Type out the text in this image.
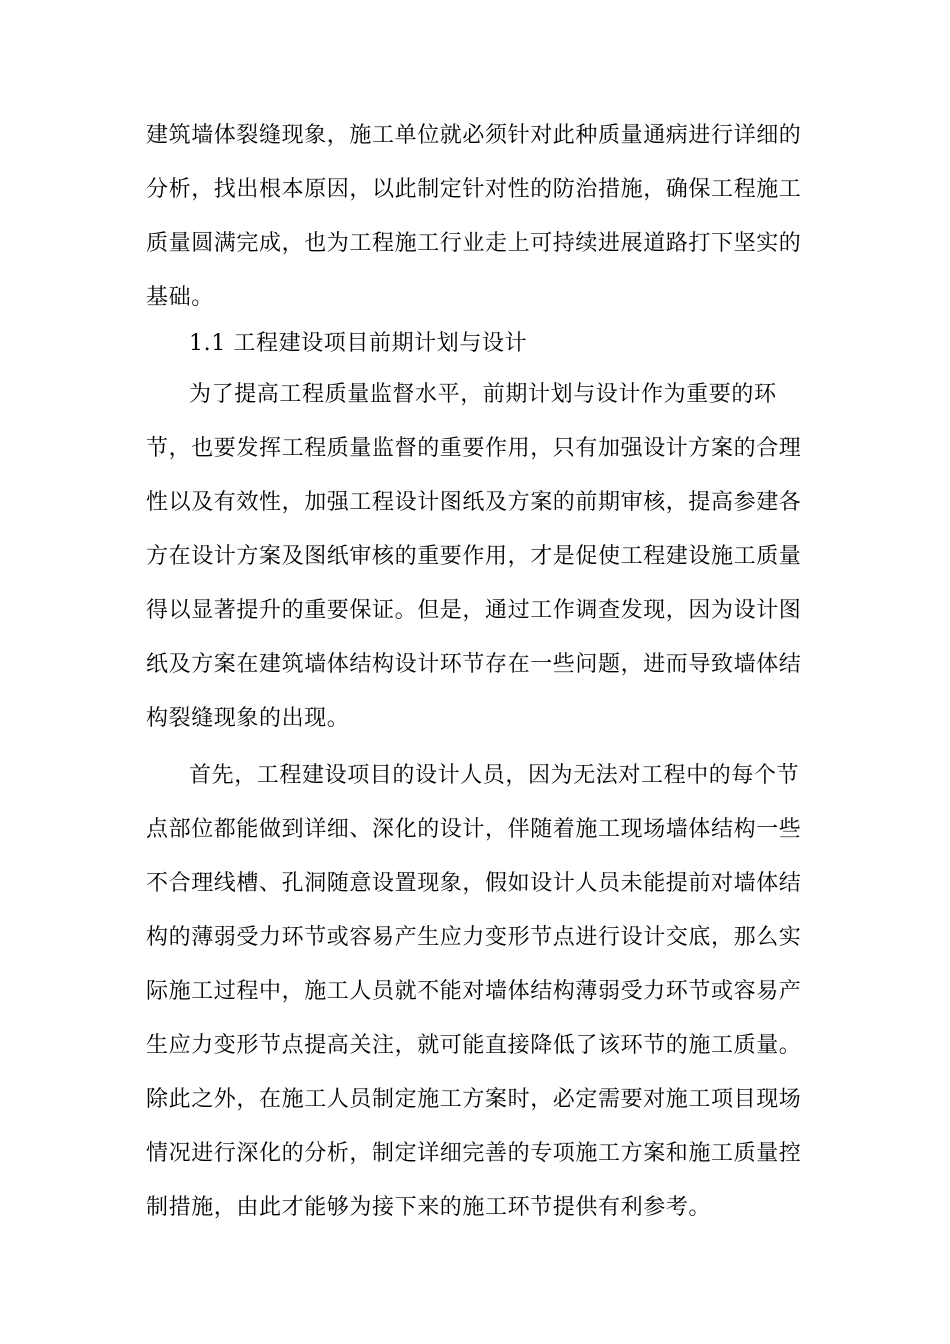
建筑墙体裂缝现象，施工单位就必须针对此种质量通病进行详细的
分析，找出根本原因，以此制定针对性的防治措施，确保工程施工
质量圆满完成，也为工程施工行业走上可持续进展道路打下坚实的
基础。
1.1 工程建设项目前期计划与设计
为了提高工程质量监督水平，前期计划与设计作为重要的环
节，也要发挥工程质量监督的重要作用，只有加强设计方案的合理
性以及有效性，加强工程设计图纸及方案的前期审核，提高参建各
方在设计方案及图纸审核的重要作用，才是促使工程建设施工质量
得以显著提升的重要保证。但是，通过工作调查发现，因为设计图
纸及方案在建筑墙体结构设计环节存在一些问题，进而导致墙体结
构裂缝现象的出现。
首先，工程建设项目的设计人员，因为无法对工程中的每个节
点部位都能做到详细、深化的设计，伴随着施工现场墙体结构一些
不合理线槽、孔洞随意设置现象，假如设计人员未能提前对墙体结
构的薄弱受力环节或容易产生应力变形节点进行设计交底，那么实
际施工过程中，施工人员就不能对墙体结构薄弱受力环节或容易产
生应力变形节点提高关注，就可能直接降低了该环节的施工质量。
除此之外，在施工人员制定施工方案时，必定需要对施工项目现场
情况进行深化的分析，制定详细完善的专项施工方案和施工质量控
制措施，由此才能够为接下来的施工环节提供有利参考。
